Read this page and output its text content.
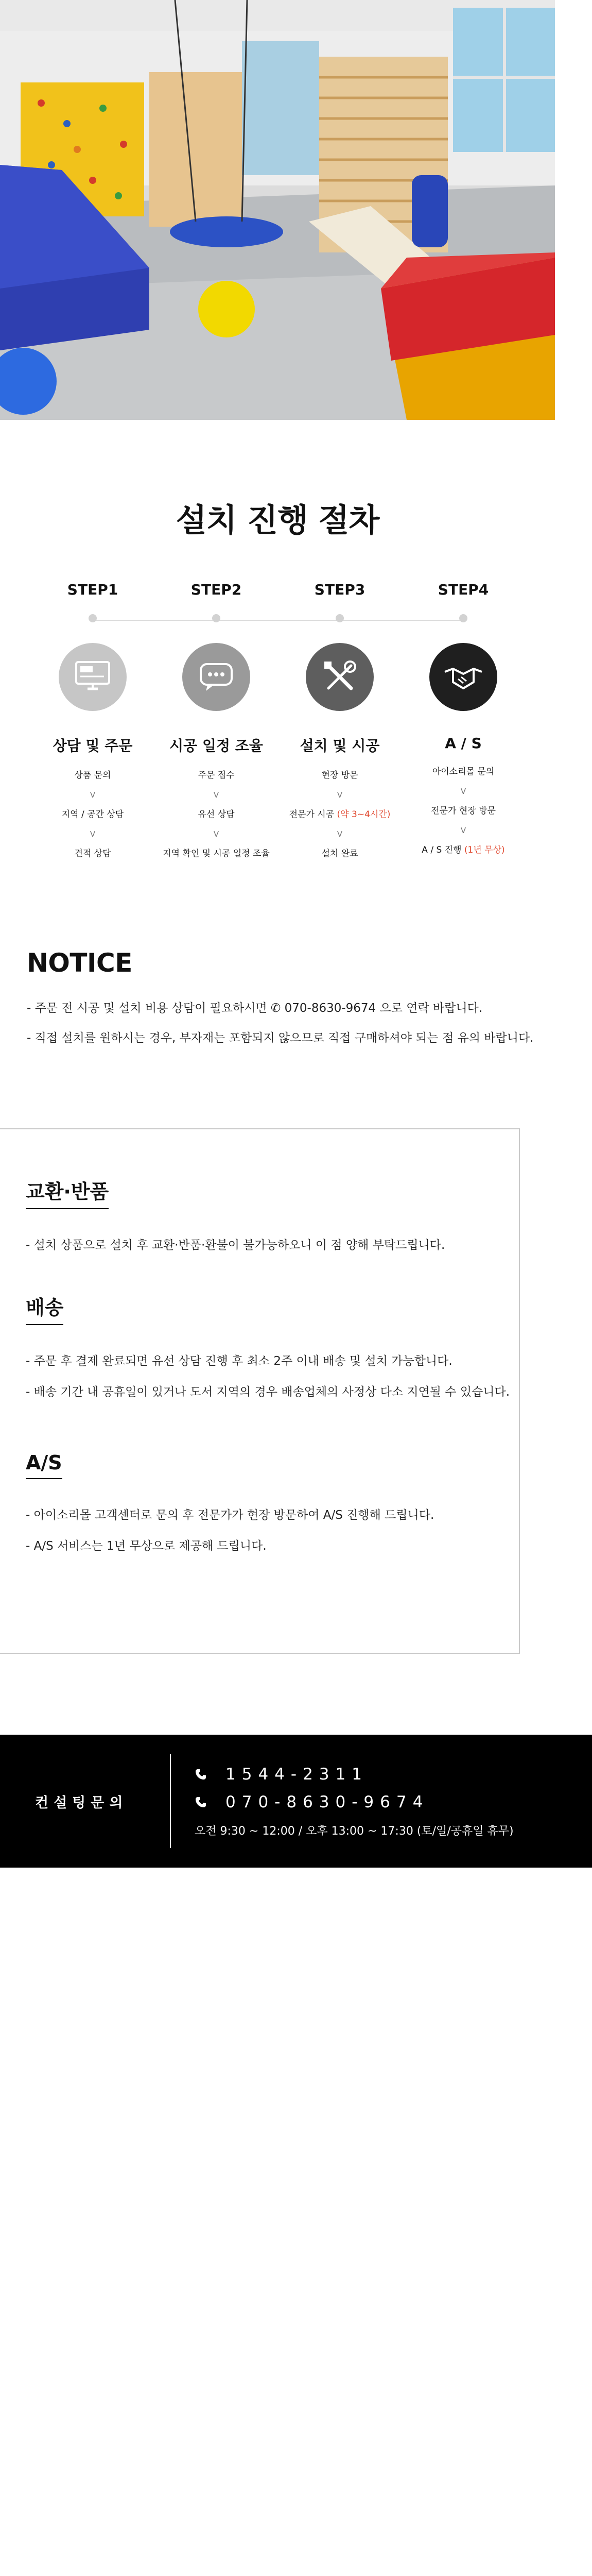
설치 진행 절차
STEP1
상담 및 주문
상품 문의
V
지역 / 공간 상담
V
견적 상담
STEP2
시공 일정 조율
주문 접수
V
유선 상담
V
지역 확인 및 시공 일정 조율
STEP3
설치 및 시공
현장 방문
V
전문가 시공 (약 3~4시간)
V
설치 완료
STEP4
A / S
아이소리몰 문의
V
전문가 현장 방문
V
A / S 진행 (1년 무상)
NOTICE

- 주문 전 시공 및 설치 비용 상담이 필요하시면 ✆ 070-8630-9674 으로 연락 바랍니다.

- 직접 설치를 원하시는 경우, 부자재는 포함되지 않으므로 직접 구매하셔야 되는 점 유의 바랍니다.

교환·반품

- 설치 상품으로 설치 후 교환·반품·환불이 불가능하오니 이 점 양해 부탁드립니다.

배송

- 주문 후 결제 완료되면 유선 상담 진행 후 최소 2주 이내 배송 및 설치 가능합니다.

- 배송 기간 내 공휴일이 있거나 도서 지역의 경우 배송업체의 사정상 다소 지연될 수 있습니다.

A/S

- 아이소리몰 고객센터로 문의 후 전문가가 현장 방문하여 A/S 진행해 드립니다.

- A/S 서비스는 1년 무상으로 제공해 드립니다.

컨설팅문의
1544-2311
070-8630-9674
오전 9:30 ~ 12:00 / 오후 13:00 ~ 17:30 (토/일/공휴일 휴무)
